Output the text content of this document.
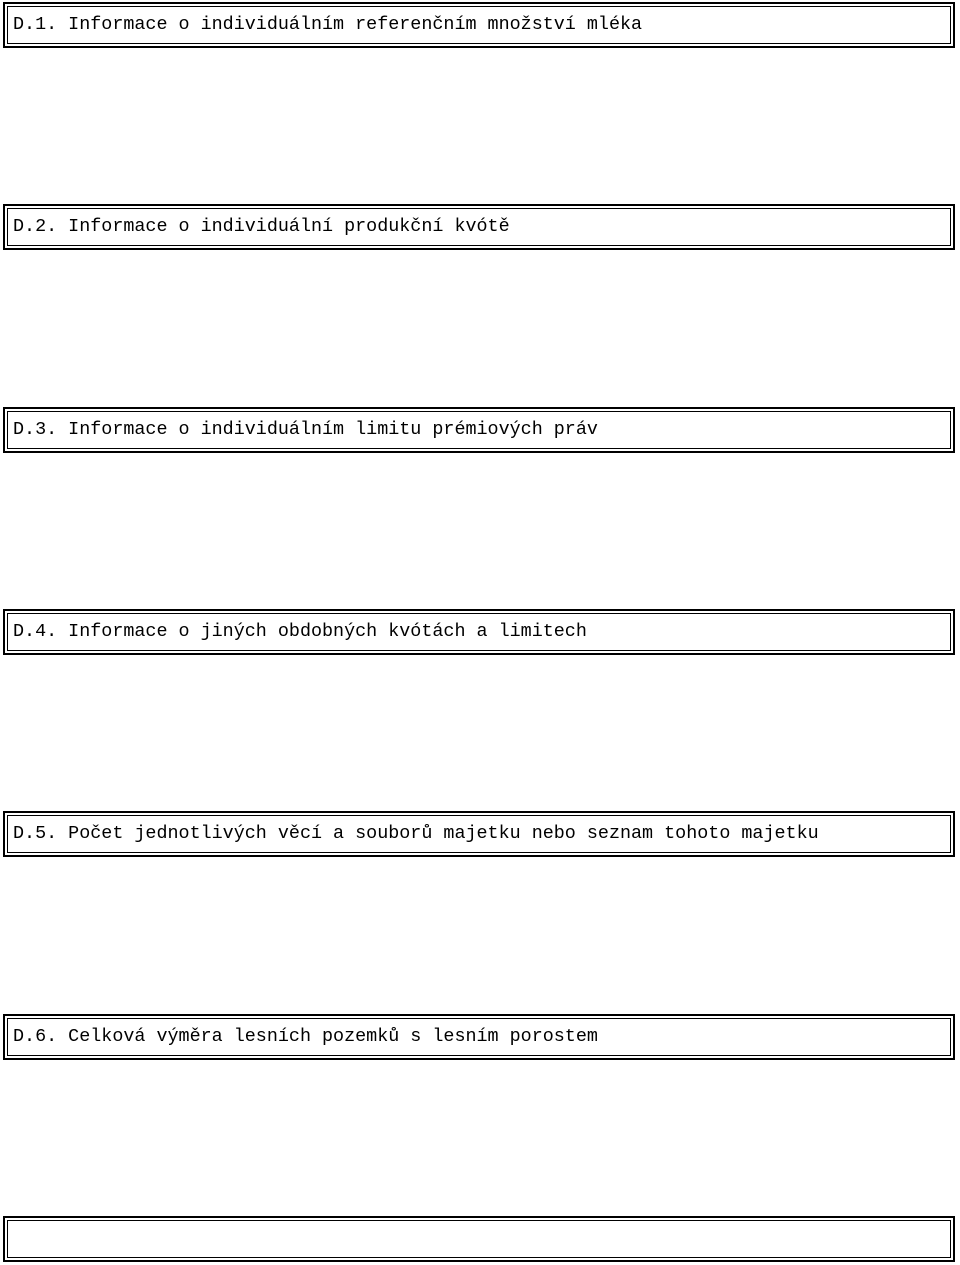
D.1. Informace o individuálním referenčním množství mléka
D.2. Informace o individuální produkční kvótě
D.3. Informace o individuálním limitu prémiových práv
D.4. Informace o jiných obdobných kvótách a limitech
D.5. Počet jednotlivých věcí a souborů majetku nebo seznam tohoto majetku
D.6. Celková výměra lesních pozemků s lesním porostem
